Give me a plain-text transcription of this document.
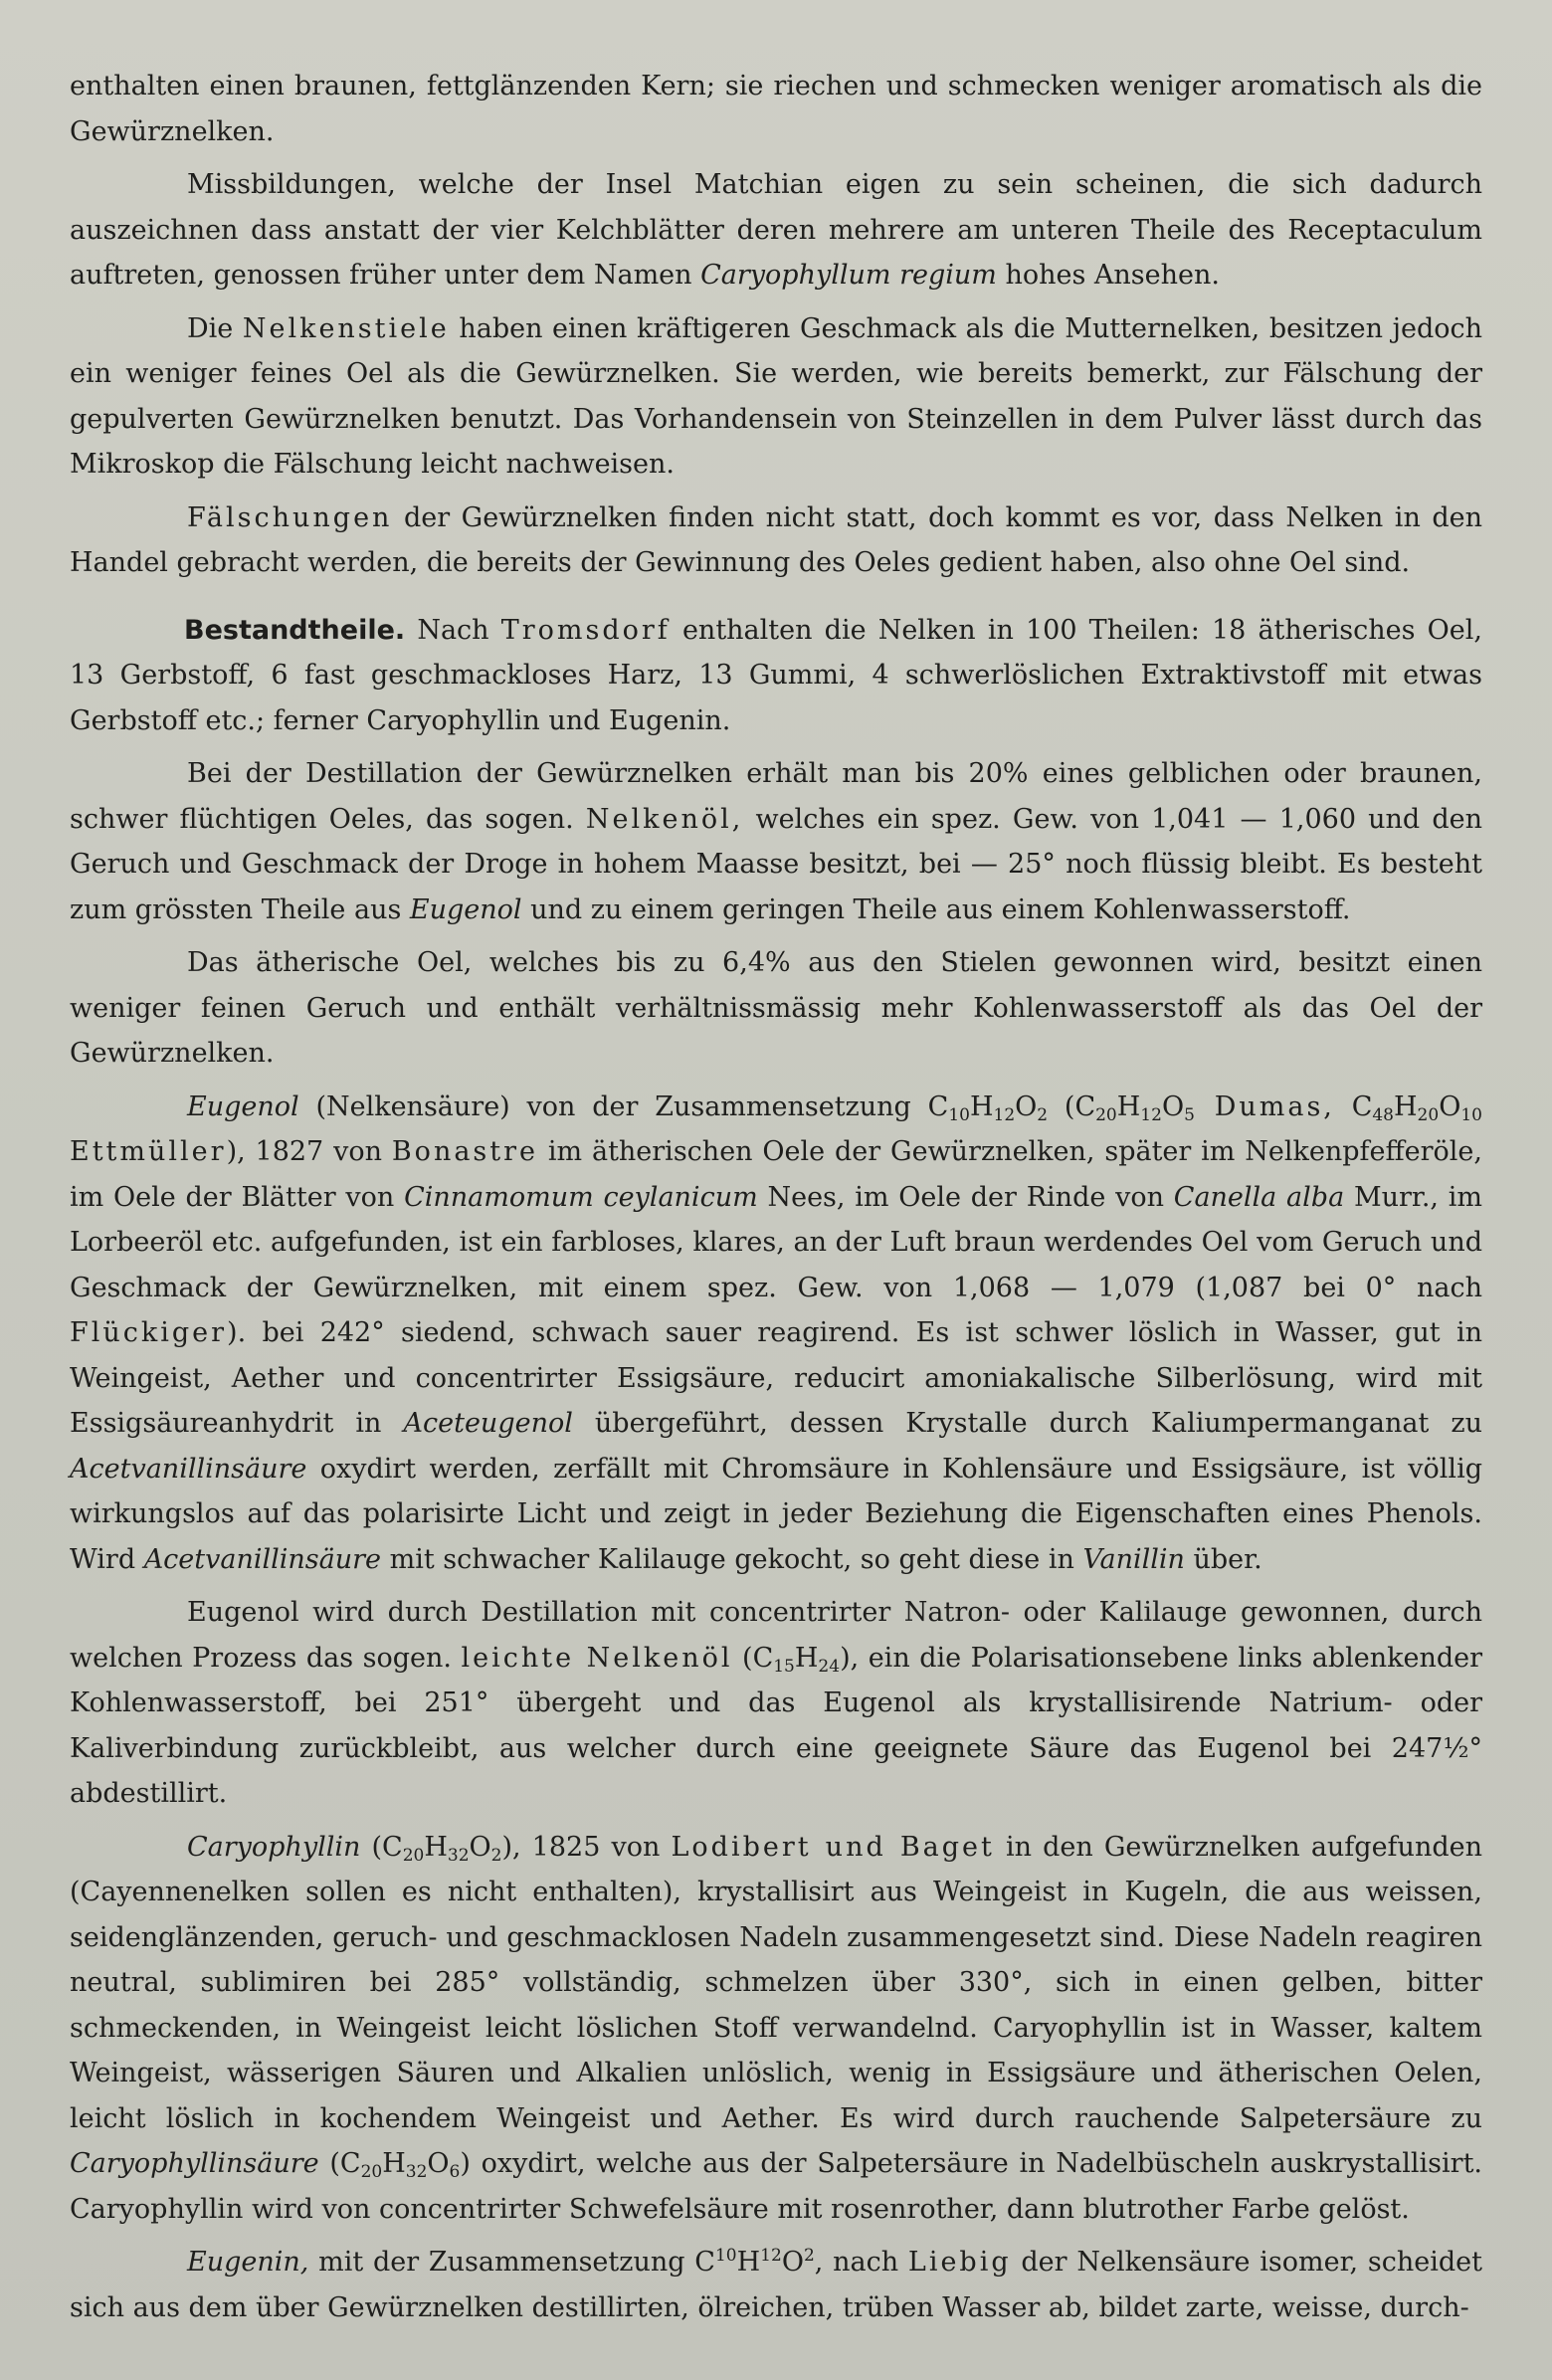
enthalten einen braunen, fettglänzenden Kern; sie riechen und schmecken weniger aromatisch als die Gewürznelken.

Missbildungen, welche der Insel Matchian eigen zu sein scheinen, die sich dadurch auszeichnen dass anstatt der vier Kelchblätter deren mehrere am unteren Theile des Receptaculum auftreten, genossen früher unter dem Namen Caryophyllum regium hohes Ansehen.

Die Nelkenstiele haben einen kräftigeren Geschmack als die Mutternelken, besitzen jedoch ein weniger feines Oel als die Gewürznelken. Sie werden, wie bereits bemerkt, zur Fälschung der gepulverten Gewürznelken benutzt. Das Vorhandensein von Steinzellen in dem Pulver lässt durch das Mikroskop die Fälschung leicht nachweisen.

Fälschungen der Gewürznelken finden nicht statt, doch kommt es vor, dass Nelken in den Handel gebracht werden, die bereits der Gewinnung des Oeles gedient haben, also ohne Oel sind.

Bestandtheile. Nach Tromsdorf enthalten die Nelken in 100 Theilen: 18 ätherisches Oel, 13 Gerbstoff, 6 fast geschmackloses Harz, 13 Gummi, 4 schwerlöslichen Extraktivstoff mit etwas Gerbstoff etc.; ferner Caryophyllin und Eugenin.

Bei der Destillation der Gewürznelken erhält man bis 20% eines gelblichen oder braunen, schwer flüchtigen Oeles, das sogen. Nelkenöl, welches ein spez. Gew. von 1,041 — 1,060 und den Geruch und Geschmack der Droge in hohem Maasse besitzt, bei — 25° noch flüssig bleibt. Es besteht zum grössten Theile aus Eugenol und zu einem geringen Theile aus einem Kohlenwasserstoff.

Das ätherische Oel, welches bis zu 6,4% aus den Stielen gewonnen wird, besitzt einen weniger feinen Geruch und enthält verhältnissmässig mehr Kohlenwasserstoff als das Oel der Gewürznelken.

Eugenol (Nelkensäure) von der Zusammensetzung $C_{10}H_{12}O_2$ ($C_{20}H_{12}O_5$ Dumas, $C_{48}H_{20}O_{10}$ Ettmüller), 1827 von Bonastre im ätherischen Oele der Gewürznelken, später im Nelkenpfefferöle, im Oele der Blätter von Cinnamomum ceylanicum Nees, im Oele der Rinde von Canella alba Murr., im Lorbeeröl etc. aufgefunden, ist ein farbloses, klares, an der Luft braun werdendes Oel vom Geruch und Geschmack der Gewürznelken, mit einem spez. Gew. von 1,068 — 1,079 (1,087 bei 0° nach Flückiger). bei 242° siedend, schwach sauer reagirend. Es ist schwer löslich in Wasser, gut in Weingeist, Aether und concentrirter Essigsäure, reducirt amoniakalische Silberlösung, wird mit Essigsäureanhydrit in Aceteugenol übergeführt, dessen Krystalle durch Kaliumpermanganat zu Acetvanillinsäure oxydirt werden, zerfällt mit Chromsäure in Kohlensäure und Essigsäure, ist völlig wirkungslos auf das polarisirte Licht und zeigt in jeder Beziehung die Eigenschaften eines Phenols. Wird Acetvanillinsäure mit schwacher Kalilauge gekocht, so geht diese in Vanillin über.

Eugenol wird durch Destillation mit concentrirter Natron- oder Kalilauge gewonnen, durch welchen Prozess das sogen. leichte Nelkenöl $(C_{15}H_{24})$, ein die Polarisationsebene links ablenkender Kohlenwasserstoff, bei 251° übergeht und das Eugenol als krystallisirende Natrium- oder Kaliverbindung zurückbleibt, aus welcher durch eine geeignete Säure das Eugenol bei 247½° abdestillirt.

Caryophyllin $(C_{20}H_{32}O_2)$, 1825 von Lodibert und Baget in den Gewürznelken aufgefunden (Cayennenelken sollen es nicht enthalten), krystallisirt aus Weingeist in Kugeln, die aus weissen, seidenglänzenden, geruch- und geschmacklosen Nadeln zusammengesetzt sind. Diese Nadeln reagiren neutral, sublimiren bei 285° vollständig, schmelzen über 330°, sich in einen gelben, bitter schmeckenden, in Weingeist leicht löslichen Stoff verwandelnd. Caryophyllin ist in Wasser, kaltem Weingeist, wässerigen Säuren und Alkalien unlöslich, wenig in Essigsäure und ätherischen Oelen, leicht löslich in kochendem Weingeist und Aether. Es wird durch rauchende Salpetersäure zu Caryophyllinsäure $(C_{20}H_{32}O_6)$ oxydirt, welche aus der Salpetersäure in Nadelbüscheln auskrystallisirt. Caryophyllin wird von concentrirter Schwefelsäure mit rosenrother, dann blutrother Farbe gelöst.

Eugenin, mit der Zusammensetzung $C^{10}H^{12}O^2$, nach Liebig der Nelkensäure isomer, scheidet sich aus dem über Gewürznelken destillirten, ölreichen, trüben Wasser ab, bildet zarte, weisse, durch-
